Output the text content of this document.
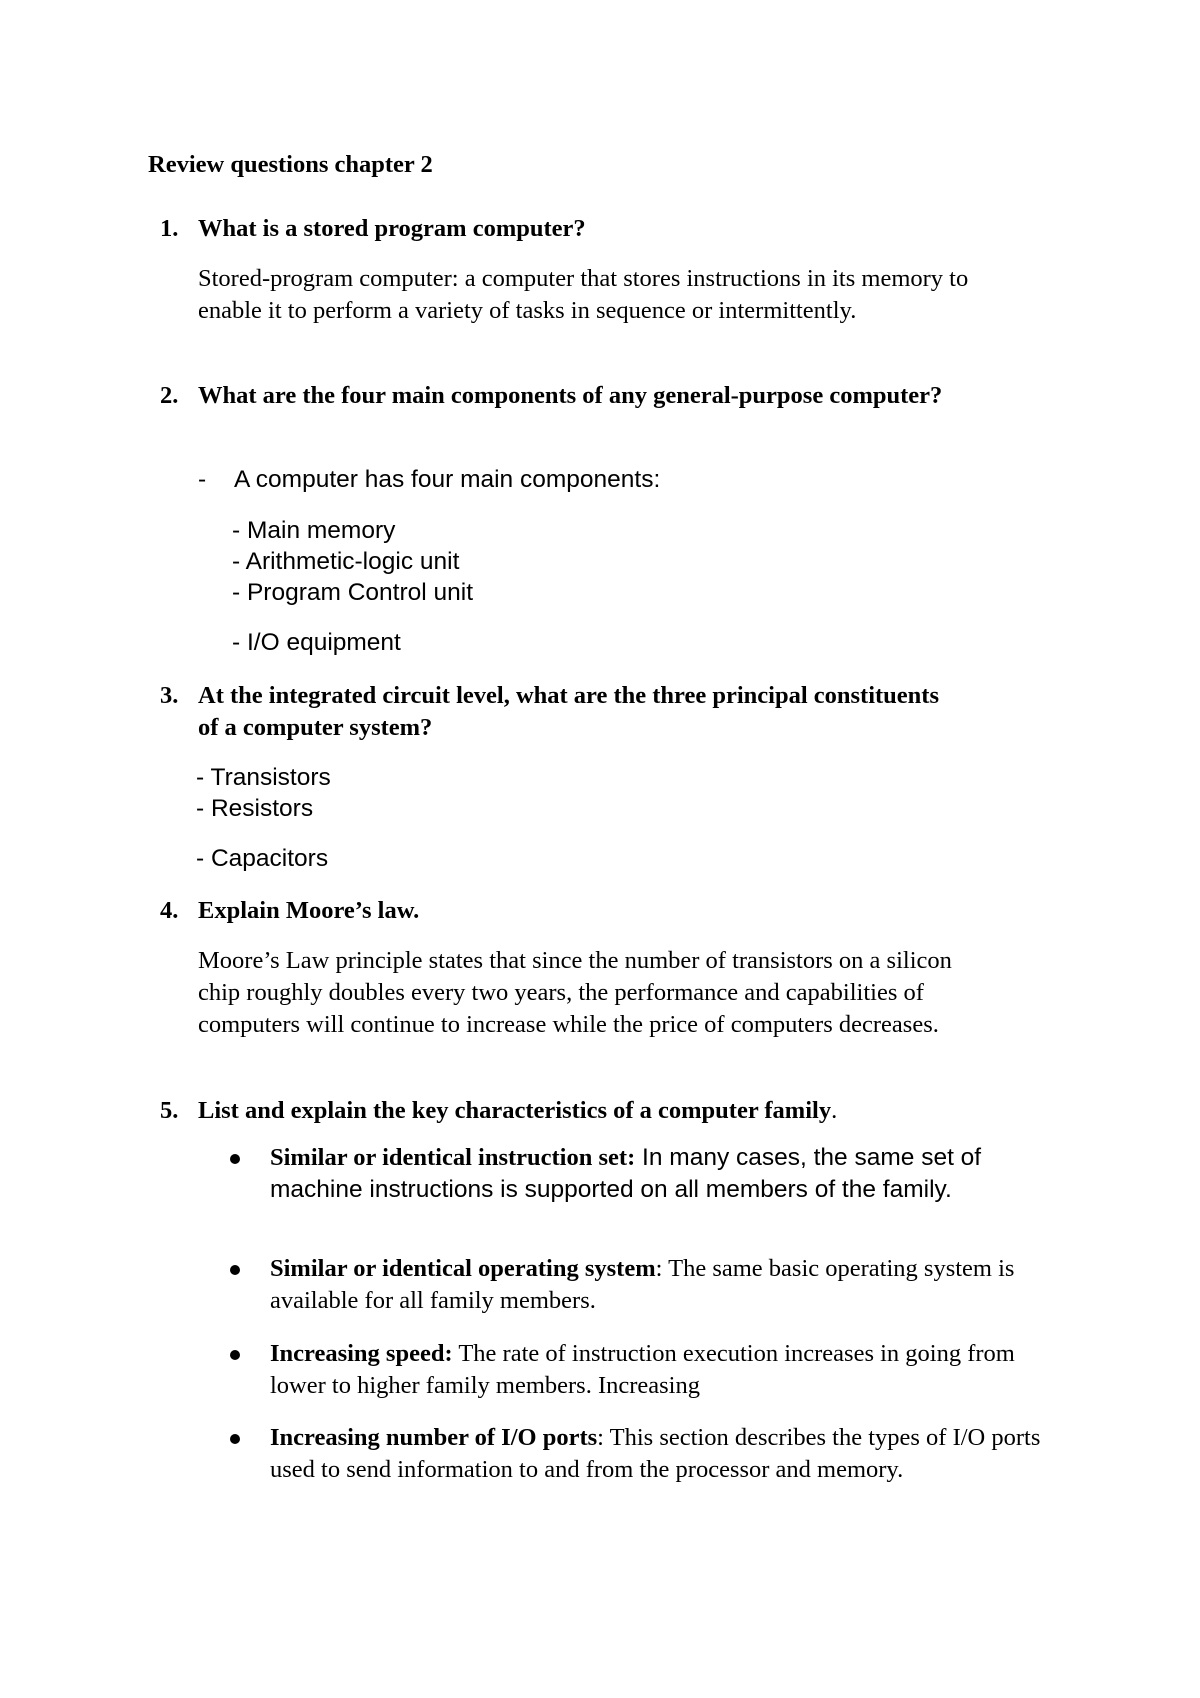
Review questions chapter 2
1. What is a stored program computer?
Stored-program computer: a computer that stores instructions in its memory to enable it to perform a variety of tasks in sequence or intermittently.
2. What are the four main components of any general-purpose computer?
- A computer has four main components:
- Main memory
- Arithmetic-logic unit
- Program Control unit
- I/O equipment
3. At the integrated circuit level, what are the three principal constituents of a computer system?
- Transistors
- Resistors
- Capacitors
4. Explain Moore’s law.
Moore’s Law principle states that since the number of transistors on a silicon chip roughly doubles every two years, the performance and capabilities of computers will continue to increase while the price of computers decreases.
5. List and explain the key characteristics of a computer family.
Similar or identical instruction set: In many cases, the same set of machine instructions is supported on all members of the family.
Similar or identical operating system: The same basic operating system is available for all family members.
Increasing speed: The rate of instruction execution increases in going from lower to higher family members. Increasing
Increasing number of I/O ports: This section describes the types of I/O ports used to send information to and from the processor and memory.
